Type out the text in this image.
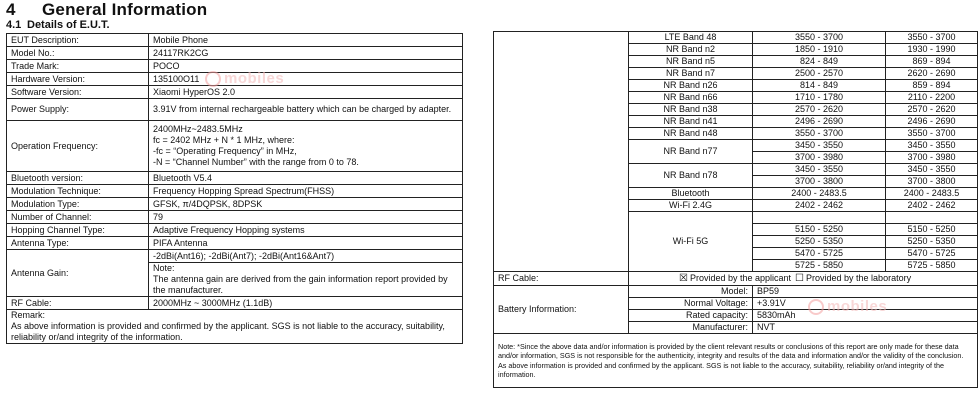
4 General Information
4.1 Details of E.U.T.
EUT Description:	Mobile Phone
Model No.:	24117RK2CG
Trade Mark:	POCO
Hardware Version:	135100O11
Software Version:	Xiaomi HyperOS 2.0
Power Supply:	3.91V from internal rechargeable battery which can be charged by adapter.
Operation Frequency:	2400MHz~2483.5MHz
fc = 2402 MHz + N * 1 MHz, where:
-fc = “Operating Frequency” in MHz,
-N = “Channel Number” with the range from 0 to 78.

Bluetooth version:	Bluetooth V5.4
Modulation Technique:	Frequency Hopping Spread Spectrum(FHSS)
Modulation Type:	GFSK, π/4DQPSK, 8DPSK
Number of Channel:	79
Hopping Channel Type:	Adaptive Frequency Hopping systems
Antenna Type:	PIFA Antenna
Antenna Gain:	-2dBi(Ant16); -2dBi(Ant7); -2dBi(Ant16&Ant7)

	Note:
The antenna gain are derived from the gain information report provided by the manufacturer.

RF Cable:	2000MHz ~ 3000MHz (1.1dB)

Remark:
As above information is provided and confirmed by the applicant. SGS is not liable to the accuracy, suitability, reliability or/and integrity of the information.	
mobiles
	LTE Band 48	3550 - 3700	3550 - 3700
	NR Band n2	1850 - 1910	1930 - 1990
	NR Band n5	824 - 849	869 - 894
	NR Band n7	2500 - 2570	2620 - 2690
	NR Band n26	814 - 849	859 - 894
	NR Band n66	1710 - 1780	2110 - 2200
	NR Band n38	2570 - 2620	2570 - 2620
	NR Band n41	2496 - 2690	2496 - 2690
	NR Band n48	3550 - 3700	3550 - 3700
	NR Band n77	3450 - 3550	3450 - 3550
		3700 - 3980	3700 - 3980
	NR Band n78	3450 - 3550	3450 - 3550
		3700 - 3800	3700 - 3800
	Bluetooth	2400 - 2483.5	2400 - 2483.5
	Wi-Fi 2.4G	2402 - 2462	2402 - 2462
	Wi-Fi 5G		
		5150 - 5250	5150 - 5250
		5250 - 5350	5250 - 5350
		5470 - 5725	5470 - 5725
		5725 - 5850	5725 - 5850
RF Cable:	☒ Provided by the applicant ☐ Provided by the laboratory		
Battery Information:	Model:	BP59	
	Normal Voltage:	+3.91V	
	Rated capacity:	5830mAh	
	Manufacturer:	NVT	

Note: *Since the above data and/or information is provided by the client relevant results or conclusions of this report are only made for these data and/or information, SGS is not responsible for the authenticity, integrity and results of the data and information and/or the validity of the conclusion.
As above information is provided and confirmed by the applicant. SGS is not liable to the accuracy, suitability, reliability or/and integrity of the information.			
mobiles
